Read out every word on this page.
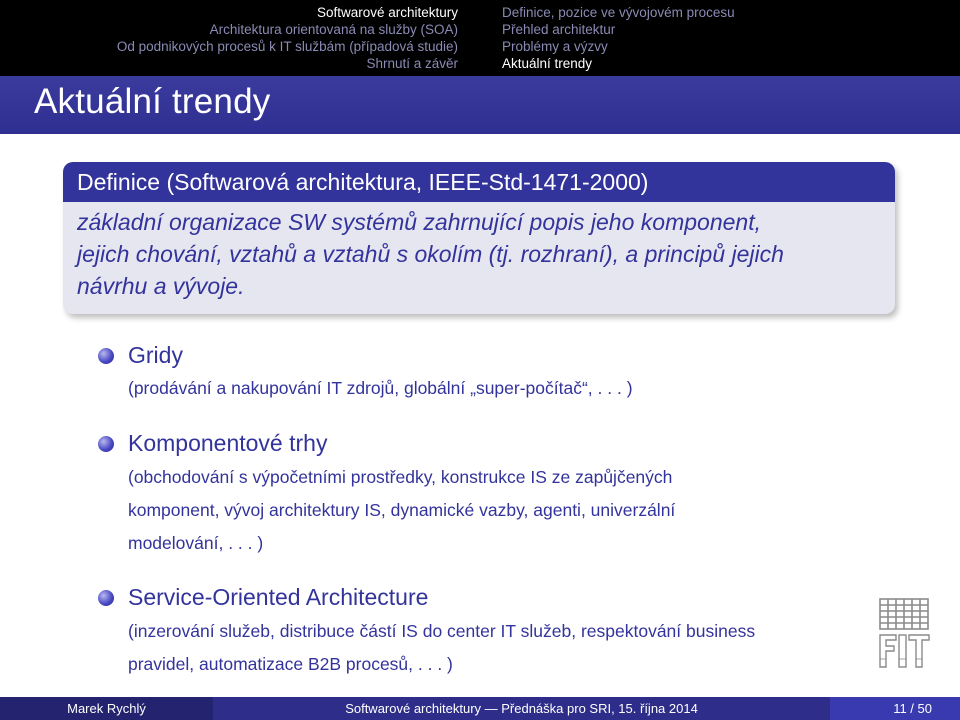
Softwarové architektury
Architektura orientovaná na služby (SOA)
Od podnikových procesů k IT službám (případová studie)
Shrnutí a závěr
Definice, pozice ve vývojovém procesu
Přehled architektur
Problémy a výzvy
Aktuální trendy
Aktuální trendy
Definice (Softwarová architektura, IEEE-Std-1471-2000)
základní organizace SW systémů zahrnující popis jeho komponent,
jejich chování, vztahů a vztahů s okolím (tj. rozhraní), a principů jejich
návrhu a vývoje.
Gridy
(prodávání a nakupování IT zdrojů, globální „super-počítač“, . . . )
Komponentové trhy
(obchodování s výpočetními prostředky, konstrukce IS ze zapůjčených
komponent, vývoj architektury IS, dynamické vazby, agenti, univerzální
modelování, . . . )
Service-Oriented Architecture
(inzerování služeb, distribuce částí IS do center IT služeb, respektování business
pravidel, automatizace B2B procesů, . . . )
Marek Rychlý	Softwarové architektury — Přednáška pro SRI, 15. října 2014	11 / 50
